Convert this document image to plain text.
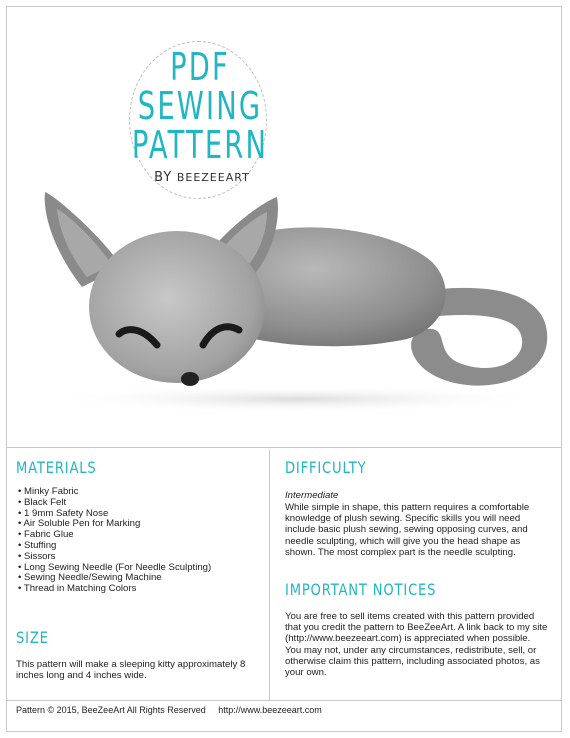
PDF
SEWING
PATTERN
BY BEEZEEART
MATERIALS
• Minky Fabric
• Black Felt
• 1 9mm Safety Nose
• Air Soluble Pen for Marking
• Fabric Glue
• Stuffing
• Sissors
• Long Sewing Needle (For Needle Sculpting)
• Sewing Needle/Sewing Machine
• Thread in Matching Colors
SIZE
This pattern will make a sleeping kitty approximately 8 inches long and 4 inches wide.
DIFFICULTY
Intermediate
While simple in shape, this pattern requires a comfortable knowledge of plush sewing. Specific skills you will need include basic plush sewing, sewing opposing curves, and needle sculpting, which will give you the head shape as shown. The most complex part is the needle sculpting.
IMPORTANT NOTICES
You are free to sell items created with this pattern provided that you credit the pattern to BeeZeeArt. A link back to my site (http://www.beezeeart.com) is appreciated when possible.
You may not, under any circumstances, redistribute, sell, or otherwise claim this pattern, including associated photos, as your own.
Pattern © 2015, BeeZeeArt All Rights Reserved http://www.beezeeart.com
